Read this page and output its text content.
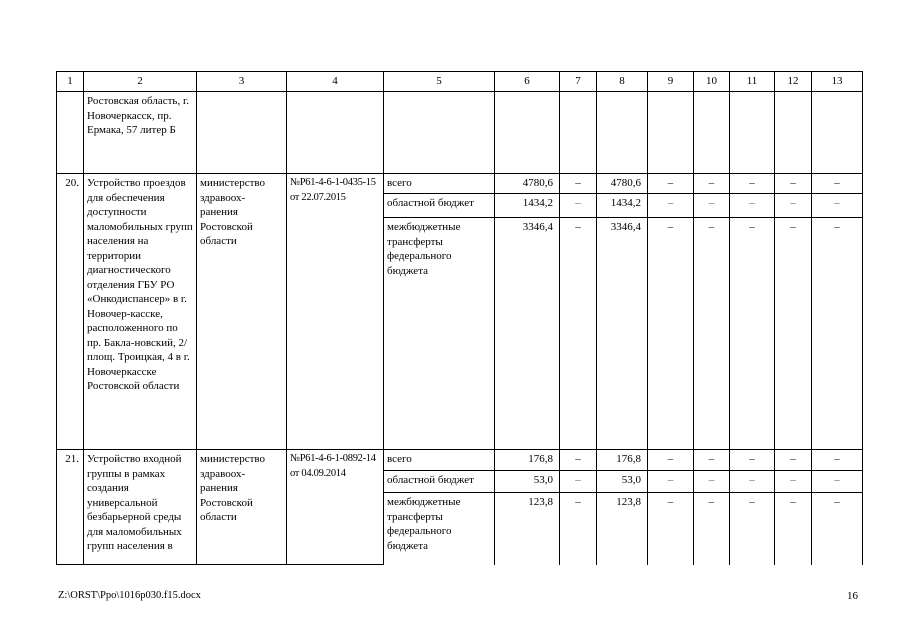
1	2	3	4	5	6	7	8	9	10	11	12	13
	Ростовская область, г. Новочеркасск, пр. Ермака, 57 литер Б											
20.	Устройство проездов для обеспечения доступности маломобильных групп населения на территории диагностического отделения ГБУ РО «Онкодиспансер» в г. Новочер-касске, расположенного по пр. Бакла-новский, 2/ площ. Троицкая, 4 в г. Новочеркасске Ростовской области	министерство здравоох-ранения Ростовской области	№Р61-4-6-1-0435-15 от 22.07.2015	всего	4780,6	–	4780,6	–	–	–	–	–
				областной бюджет	1434,2	–	1434,2	–	–	–	–	–
				межбюджетные трансферты федерального бюджета	3346,4	–	3346,4	–	–	–	–	–
21.	Устройство входной группы в рамках создания универсальной безбарьерной среды для маломобильных групп населения в	министерство здравоох-ранения Ростовской области	№Р61-4-6-1-0892-14 от 04.09.2014	всего	176,8	–	176,8	–	–	–	–	–
				областной бюджет	53,0	–	53,0	–	–	–	–	–
				межбюджетные трансферты федерального бюджета	123,8	–	123,8	–	–	–	–	–
Z:\ORST\Ppo\1016p030.f15.docx	16
